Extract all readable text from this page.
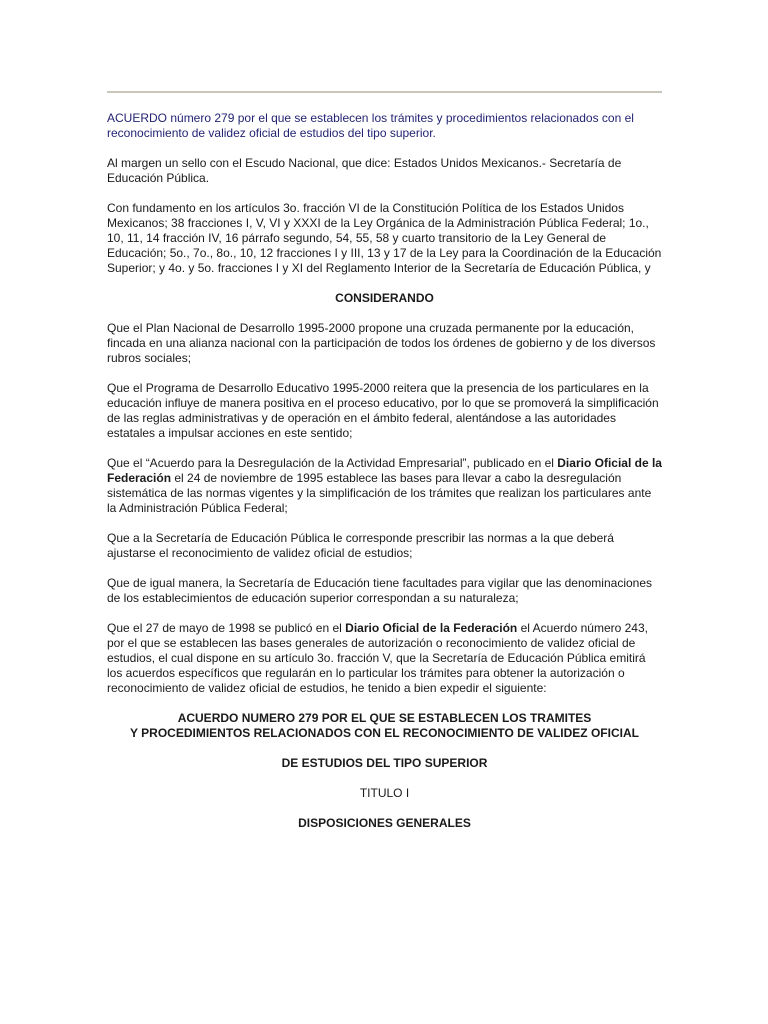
ACUERDO número 279 por el que se establecen los trámites y procedimientos relacionados con el reconocimiento de validez oficial de estudios del tipo superior.

Al margen un sello con el Escudo Nacional, que dice: Estados Unidos Mexicanos.- Secretaría de Educación Pública.

Con fundamento en los artículos 3o. fracción VI de la Constitución Política de los Estados Unidos Mexicanos; 38 fracciones I, V, VI y XXXI de la Ley Orgánica de la Administración Pública Federal; 1o., 10, 11, 14 fracción IV, 16 párrafo segundo, 54, 55, 58 y cuarto transitorio de la Ley General de Educación; 5o., 7o., 8o., 10, 12 fracciones I y III, 13 y 17 de la Ley para la Coordinación de la Educación Superior; y 4o. y 5o. fracciones I y XI del Reglamento Interior de la Secretaría de Educación Pública, y

CONSIDERANDO

Que el Plan Nacional de Desarrollo 1995-2000 propone una cruzada permanente por la educación, fincada en una alianza nacional con la participación de todos los órdenes de gobierno y de los diversos rubros sociales;

Que el Programa de Desarrollo Educativo 1995-2000 reitera que la presencia de los particulares en la educación influye de manera positiva en el proceso educativo, por lo que se promoverá la simplificación de las reglas administrativas y de operación en el ámbito federal, alentándose a las autoridades estatales a impulsar acciones en este sentido;

Que el “Acuerdo para la Desregulación de la Actividad Empresarial”, publicado en el Diario Oficial de la Federación el 24 de noviembre de 1995 establece las bases para llevar a cabo la desregulación sistemática de las normas vigentes y la simplificación de los trámites que realizan los particulares ante la Administración Pública Federal;

Que a la Secretaría de Educación Pública le corresponde prescribir las normas a la que deberá ajustarse el reconocimiento de validez oficial de estudios;

Que de igual manera, la Secretaría de Educación tiene facultades para vigilar que las denominaciones de los establecimientos de educación superior correspondan a su naturaleza;

Que el 27 de mayo de 1998 se publicó en el Diario Oficial de la Federación el Acuerdo número 243, por el que se establecen las bases generales de autorización o reconocimiento de validez oficial de estudios, el cual dispone en su artículo 3o. fracción V, que la Secretaría de Educación Pública emitirá los acuerdos específicos que regularán en lo particular los trámites para obtener la autorización o reconocimiento de validez oficial de estudios, he tenido a bien expedir el siguiente:

ACUERDO NUMERO 279 POR EL QUE SE ESTABLECEN LOS TRAMITES
Y PROCEDIMIENTOS RELACIONADOS CON EL RECONOCIMIENTO DE VALIDEZ OFICIAL

DE ESTUDIOS DEL TIPO SUPERIOR

TITULO I

DISPOSICIONES GENERALES
